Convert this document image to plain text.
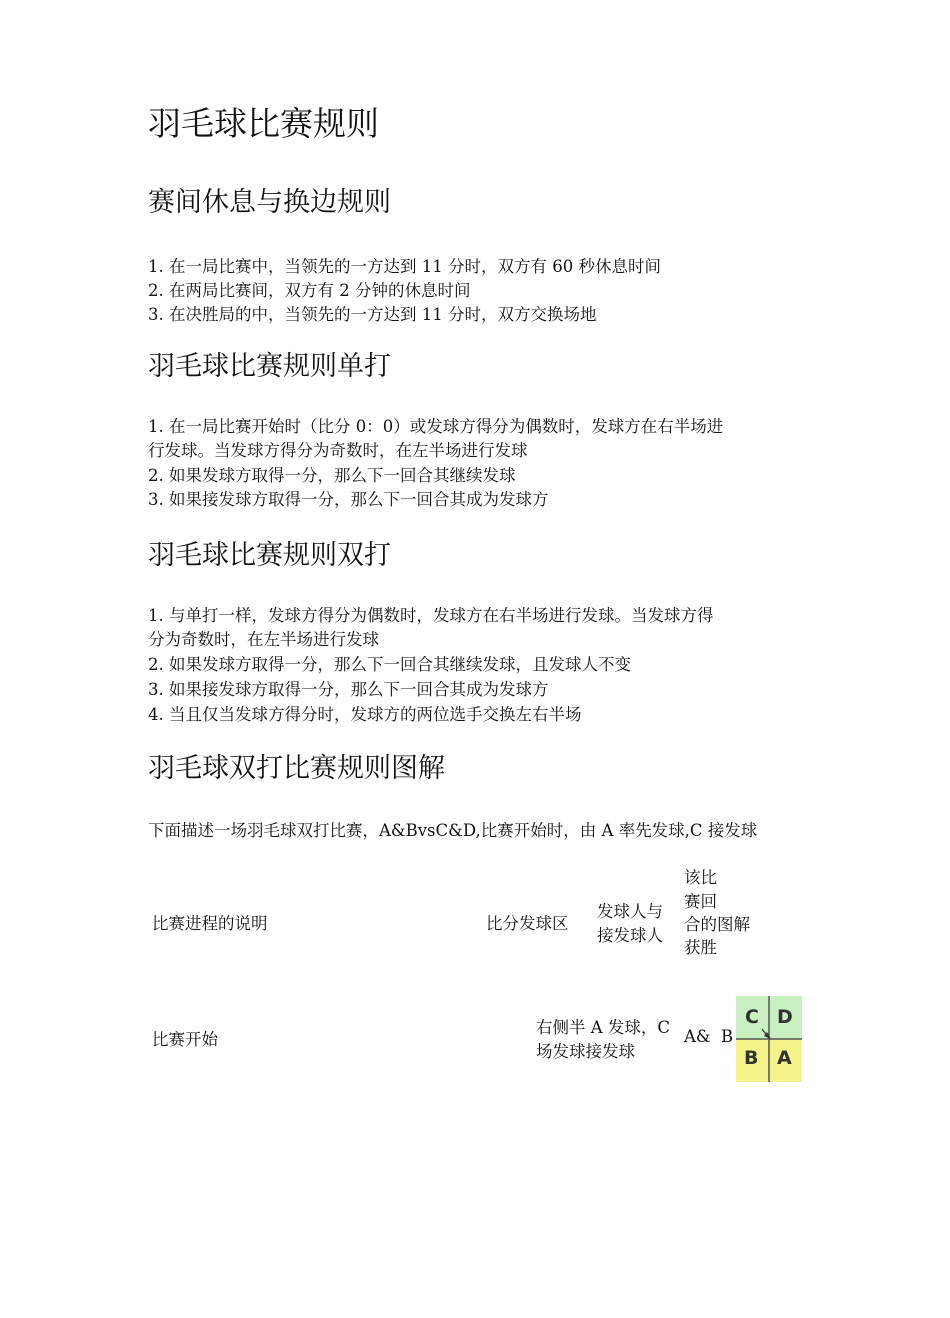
羽毛球比赛规则
赛间休息与换边规则
1. 在一局比赛中，当领先的一方达到 11 分时，双方有 60 秒休息时间
2. 在两局比赛间，双方有 2 分钟的休息时间
3. 在决胜局的中，当领先的一方达到 11 分时，双方交换场地
羽毛球比赛规则单打
1. 在一局比赛开始时（比分 0：0）或发球方得分为偶数时，发球方在右半场进
行发球。当发球方得分为奇数时，在左半场进行发球
2. 如果发球方取得一分，那么下一回合其继续发球
3. 如果接发球方取得一分，那么下一回合其成为发球方
羽毛球比赛规则双打
1. 与单打一样，发球方得分为偶数时，发球方在右半场进行发球。当发球方得
分为奇数时，在左半场进行发球
2. 如果发球方取得一分，那么下一回合其继续发球，且发球人不变
3. 如果接发球方取得一分，那么下一回合其成为发球方
4. 当且仅当发球方得分时，发球方的两位选手交换左右半场
羽毛球双打比赛规则图解
下面描述一场羽毛球双打比赛，A&BvsC&D,比赛开始时，由 A 率先发球,C 接发球
比赛进程的说明	比分发球区
发球人与
接发球人
该比
赛回
合的图解
获胜
比赛开始
右侧半 A 发球，C
场发球接发球
A& B
C D
B A
